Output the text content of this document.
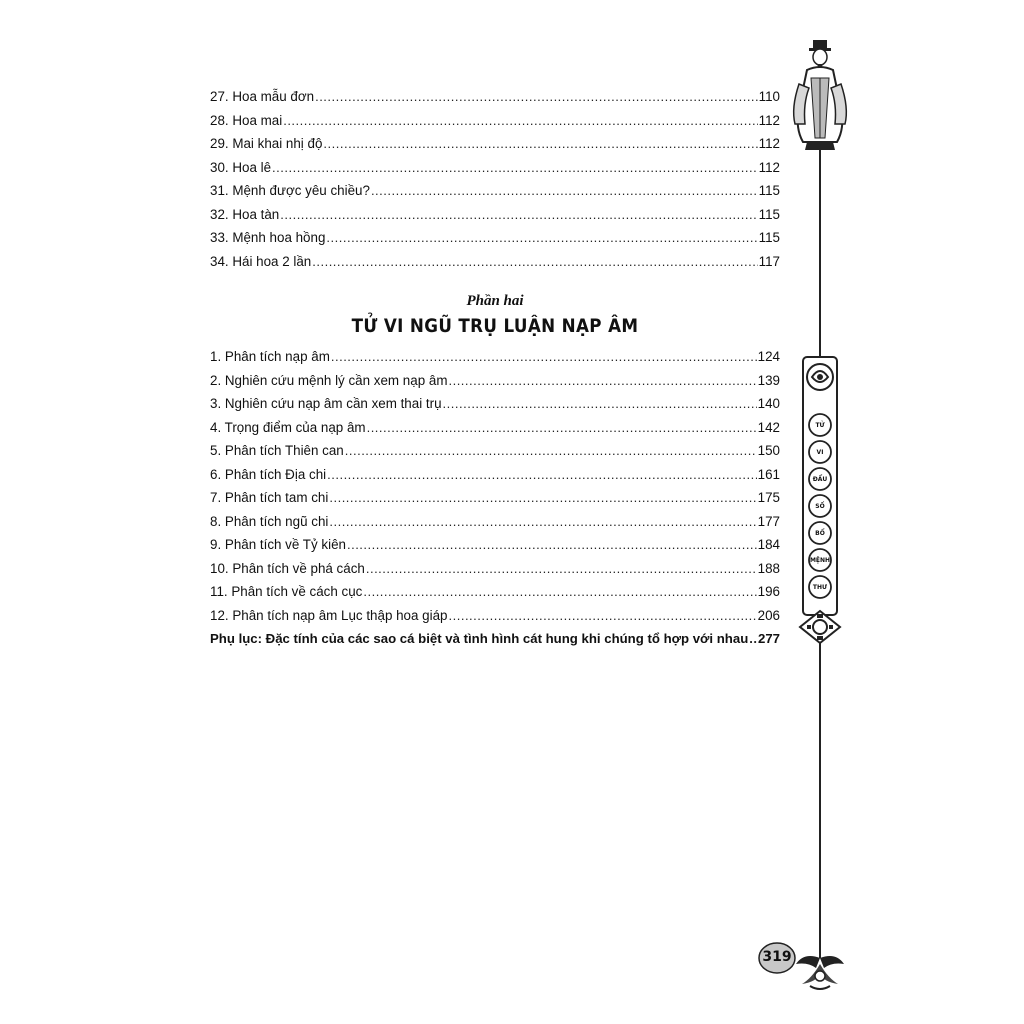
27. Hoa mẫu đơn .....	110
28. Hoa mai .....	112
29. Mai khai nhị độ .....	112
30. Hoa lê .....	112
31. Mệnh được yêu chiều? .....	115
32. Hoa tàn .....	115
33. Mệnh hoa hồng .....	115
34. Hái hoa 2 lần .....	117
Phần hai
TỬ VI NGŨ TRỤ LUẬN NẠP ÂM
1. Phân tích nạp âm .....	124
2. Nghiên cứu mệnh lý cần xem nạp âm .....	139
3. Nghiên cứu nạp âm cần xem thai trụ .....	140
4. Trọng điểm của nạp âm .....	142
5. Phân tích Thiên can .....	150
6. Phân tích Địa chi .....	161
7. Phân tích tam chi .....	175
8. Phân tích ngũ chi .....	177
9. Phân tích về Tỷ kiên .....	184
10. Phân tích về phá cách .....	188
11. Phân tích về cách cục .....	196
12. Phân tích nạp âm Lục thập hoa giáp .....	206
Phụ lục: Đặc tính của các sao cá biệt và tình hình cát hung khi chúng tổ hợp với nhau ..... 277
TỬ
VI
ĐẨU
SỐ
BỔ
MỆNH
THƯ
319
